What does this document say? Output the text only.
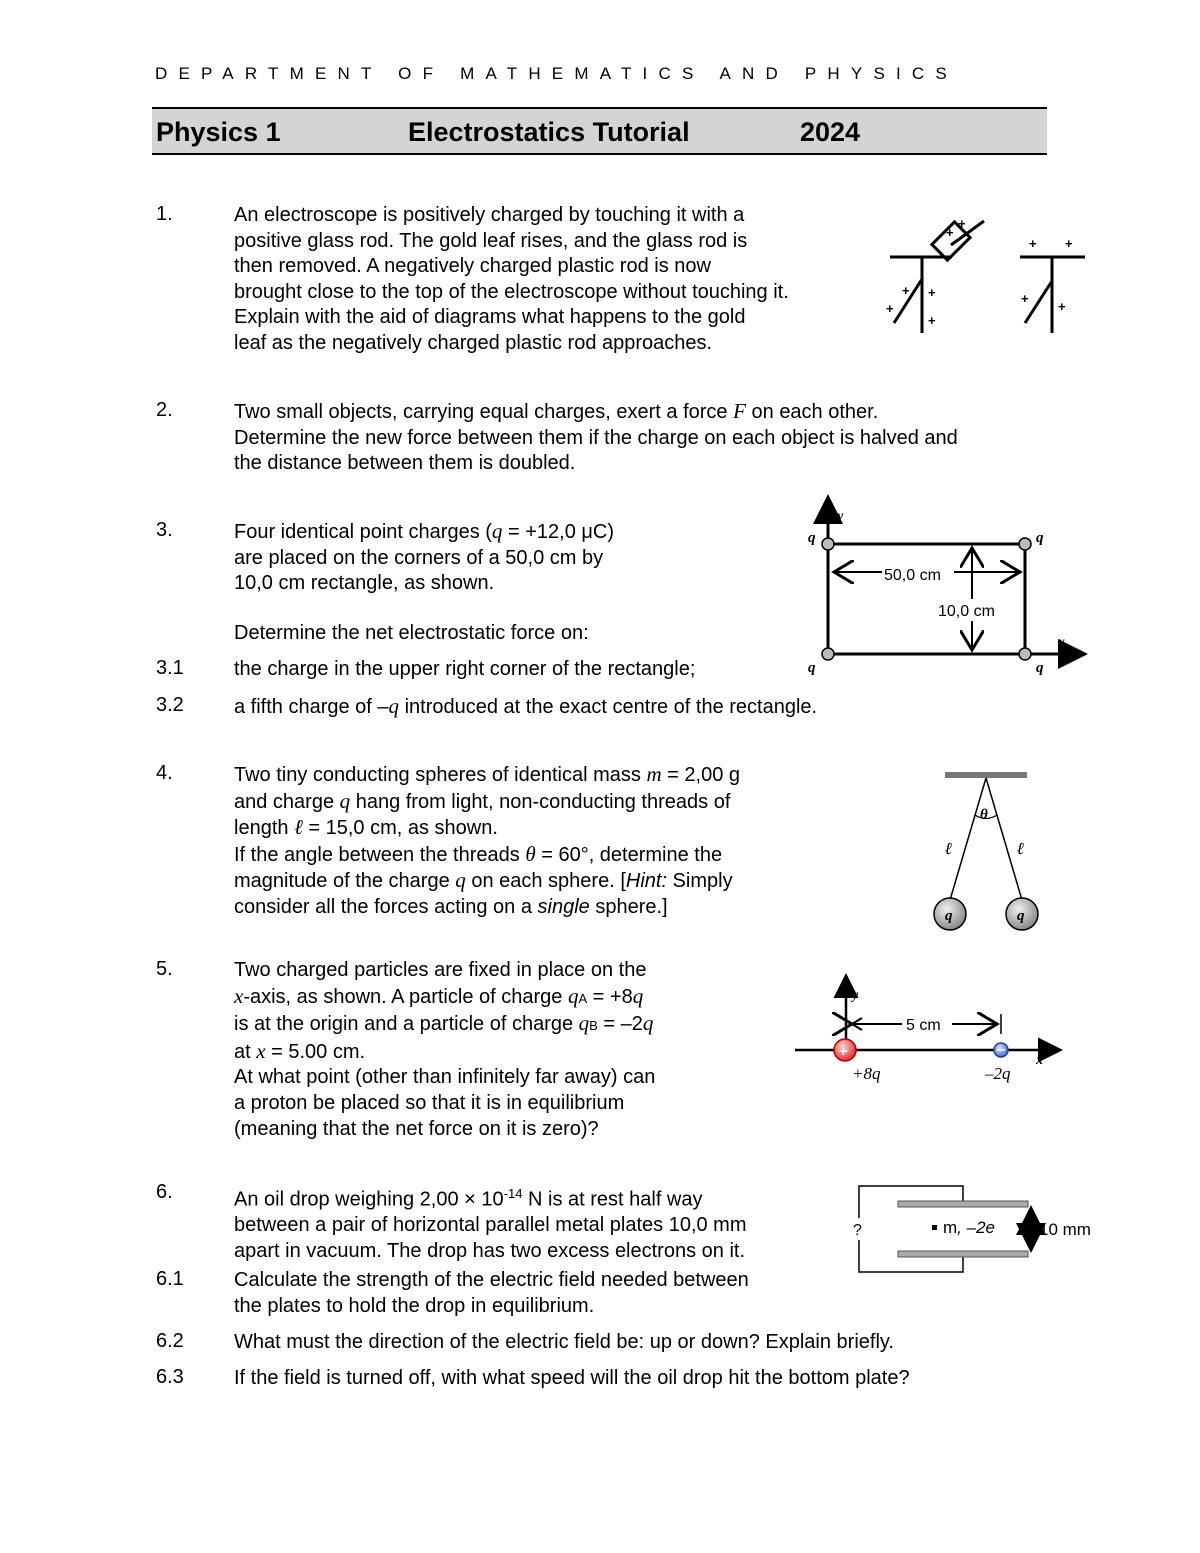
DEPARTMENT OF MATHEMATICS AND PHYSICS
Physics 1	Electrostatics Tutorial	2024
1.	An electroscope is positively charged by touching it with a
positive glass rod. The gold leaf rises, and the glass rod is
then removed. A negatively charged plastic rod is now
brought close to the top of the electroscope without touching it.
Explain with the aid of diagrams what happens to the gold
leaf as the negatively charged plastic rod approaches.
+
+
+ +
+
+
+ +
+
+
2.	Two small objects, carrying equal charges, exert a force F on each other.
Determine the new force between them if the charge on each object is halved and
the distance between them is doubled.
3.	Four identical point charges (q = +12,0 μC)
are placed on the corners of a 50,0 cm by
10,0 cm rectangle, as shown.
Determine the net electrostatic force on:
3.1	the charge in the upper right corner of the rectangle;
3.2	a fifth charge of –q introduced at the exact centre of the rectangle.
50,0 cm
10,0 cm
q	q
q	q
y
x
4.	Two tiny conducting spheres of identical mass m = 2,00 g
and charge q hang from light, non-conducting threads of
length ℓ = 15,0 cm, as shown.
If the angle between the threads θ = 60°, determine the
magnitude of the charge q on each sphere. [Hint: Simply
consider all the forces acting on a single sphere.]
θ
ℓ	ℓ
q	q
5.	Two charged particles are fixed in place on the
x-axis, as shown. A particle of charge qA = +8q
is at the origin and a particle of charge qB = –2q
at x = 5.00 cm.
At what point (other than infinitely far away) can
a proton be placed so that it is in equilibrium
(meaning that the net force on it is zero)?
y
x
5 cm
+
+8q	–2q
6.	An oil drop weighing $2,00 \times 10^{-14}$ N is at rest half way
between a pair of horizontal parallel metal plates 10,0 mm
apart in vacuum. The drop has two excess electrons on it.
6.1	Calculate the strength of the electric field needed between
the plates to hold the drop in equilibrium.
6.2	What must the direction of the electric field be: up or down? Explain briefly.
6.3	If the field is turned off, with what speed will the oil drop hit the bottom plate?
?	m, –2e	10 mm
